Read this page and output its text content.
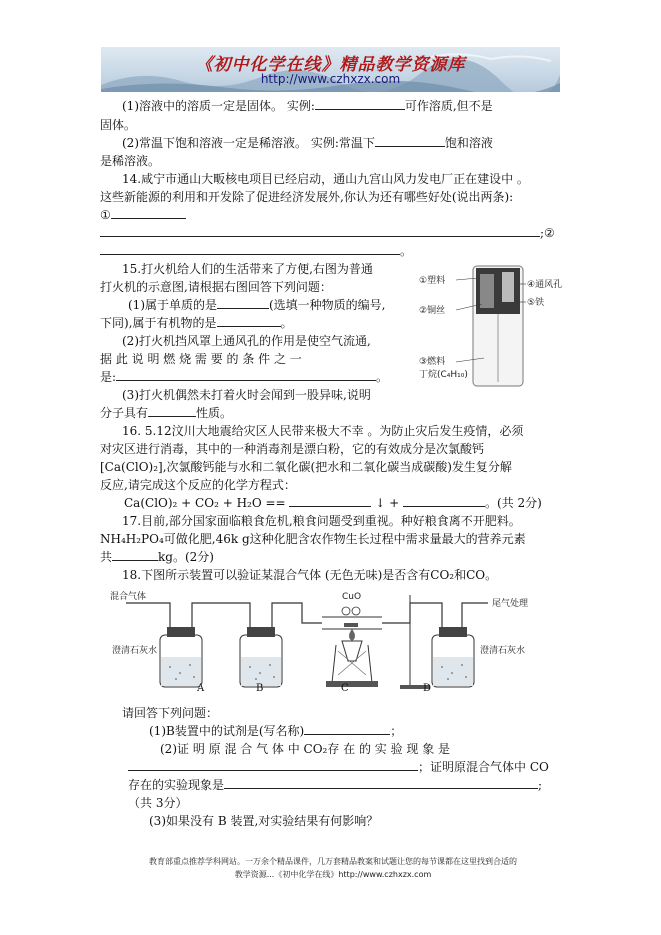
《初中化学在线》精品教学资源库
http://www.czhxzx.com
(1)溶液中的溶质一定是固体。 实例:	可作溶质,但不是
固体。
(2)常温下饱和溶液一定是稀溶液。 实例:常温下	饱和溶液
是稀溶液。
14.咸宁市通山大畈核电项目已经启动，通山九宫山风力发电厂正在建设中 。
这些新能源的利用和开发除了促进经济发展外,你认为还有哪些好处(说出两条):
①
;②
。
15.打火机给人们的生活带来了方便,右图为普通
打火机的示意图,请根据右图回答下列问题：
(1)属于单质的是	(选填一种物质的编号,
下同),属于有机物的是	。
(2)打火机挡风罩上通风孔的作用是使空气流通,
据 此 说 明 燃 烧 需 要 的 条 件 之 一
是:	。
(3)打火机偶然未打着火时会闻到一股异味,说明
分子具有	性质。
①塑料
②铜丝
③燃料
丁烷(C₄H₁₀)
④通风孔
⑤铁
16. 5.12汶川大地震给灾区人民带来极大不幸 。为防止灾后发生疫情，必须
对灾区进行消毒，其中的一种消毒剂是漂白粉，它的有效成分是次氯酸钙
[Ca(ClO)₂],次氯酸钙能与水和二氧化碳(把水和二氧化碳当成碳酸)发生复分解
反应,请完成这个反应的化学方程式：
Ca(ClO)₂ + CO₂ + H₂O ==	↓ +	。(共 2分)
17.目前,部分国家面临粮食危机,粮食问题受到重视。种好粮食离不开肥料。
NH₄H₂PO₄可做化肥,46k g这种化肥含农作物生长过程中需求量最大的营养元素
共	kg。(2分)
18.下图所示装置可以验证某混合气体 (无色无味)是否含有CO₂和CO。
混合气体	CuO
尾气处理
澄清石灰水	澄清石灰水
A	B	C	D
请回答下列问题：
(1)B装置中的试剂是(写名称)	；
(2)证 明 原 混 合 气 体 中 CO₂存 在 的 实 验 现 象 是
；证明原混合气体中 CO
存在的实验现象是	;
（共 3分）
(3)如果没有 B 装置,对实验结果有何影响？
教育部重点推荐学科网站。一万余个精品课件，几万套精品教案和试题让您的每节课都在这里找到合适的
教学资源...《初中化学在线》http://www.czhxzx.com
